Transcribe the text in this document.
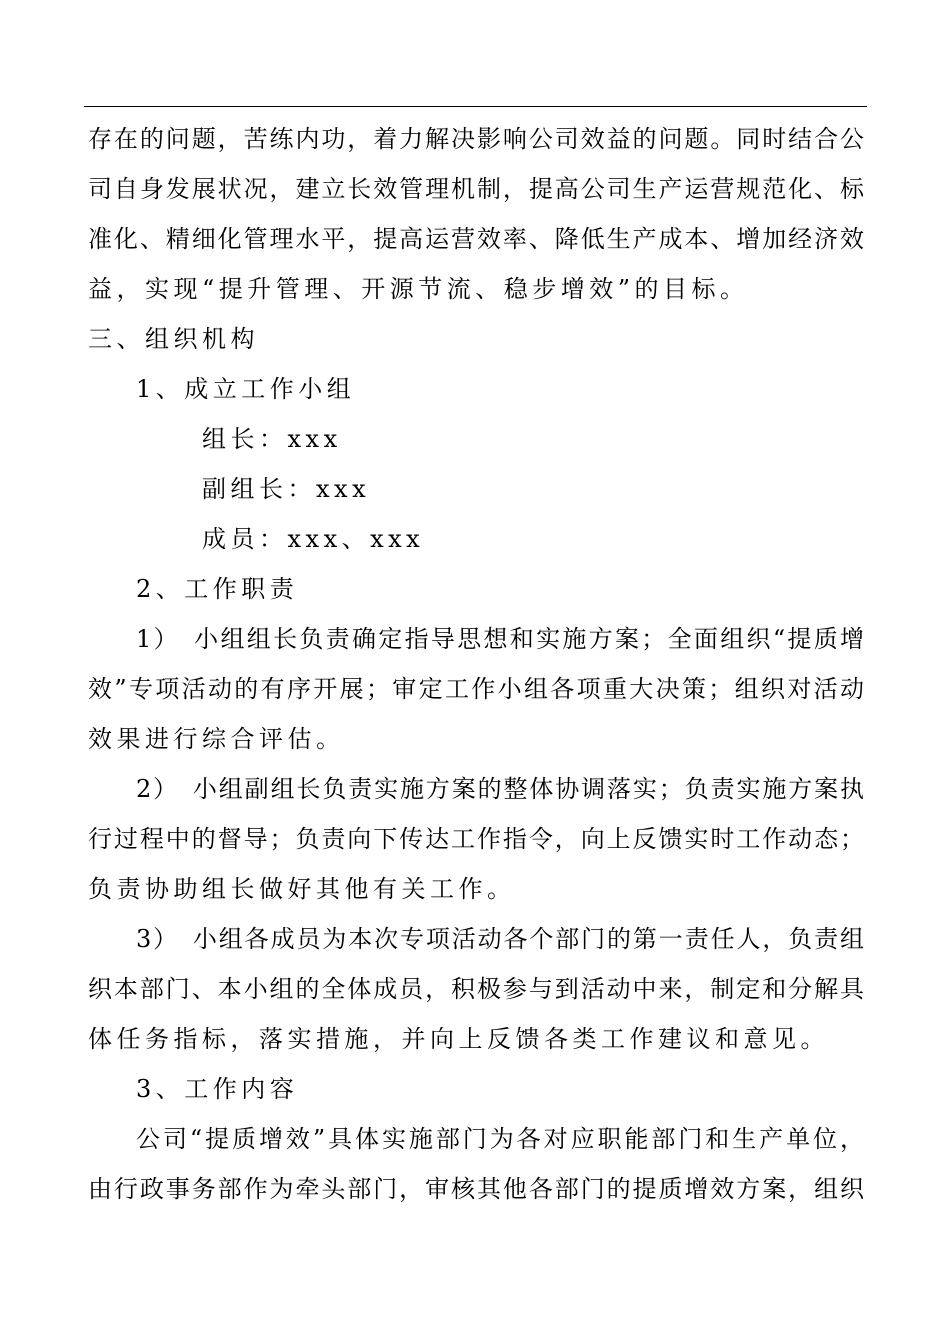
存在的问题，苦练内功，着力解决影响公司效益的问题。同时结合公
司自身发展状况，建立长效管理机制，提高公司生产运营规范化、标
准化、精细化管理水平，提高运营效率、降低生产成本、增加经济效
益，实现“提升管理、开源节流、稳步增效”的目标。
三、组织机构
1、成立工作小组
组长：xxx
副组长：xxx
成员：xxx、xxx
2、工作职责
1）　小组组长负责确定指导思想和实施方案；全面组织“提质增
效”专项活动的有序开展；审定工作小组各项重大决策；组织对活动
效果进行综合评估。
2）　小组副组长负责实施方案的整体协调落实；负责实施方案执
行过程中的督导；负责向下传达工作指令，向上反馈实时工作动态；
负责协助组长做好其他有关工作。
3）　小组各成员为本次专项活动各个部门的第一责任人，负责组
织本部门、本小组的全体成员，积极参与到活动中来，制定和分解具
体任务指标，落实措施，并向上反馈各类工作建议和意见。
3、工作内容
公司“提质增效”具体实施部门为各对应职能部门和生产单位，
由行政事务部作为牵头部门，审核其他各部门的提质增效方案，组织
